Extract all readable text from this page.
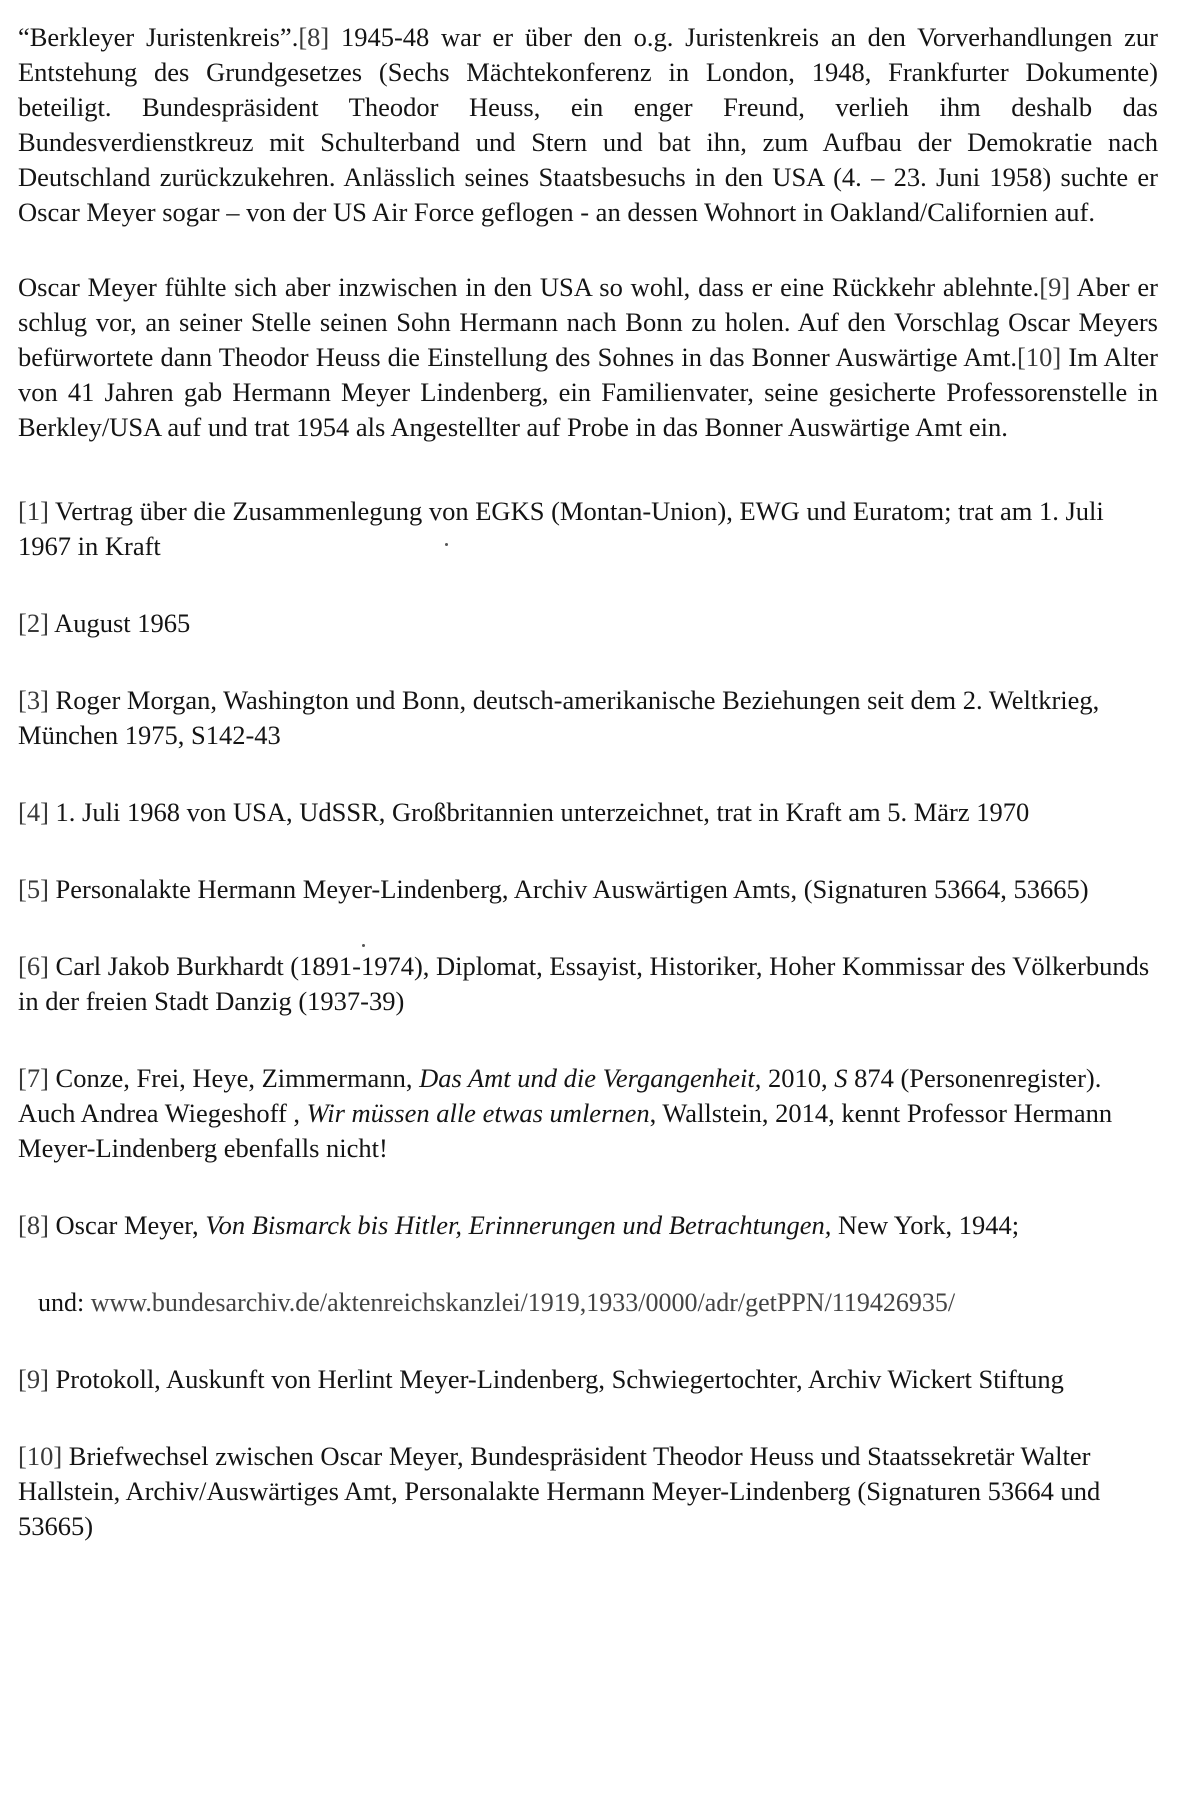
“Berkleyer Juristenkreis”.[8] 1945-48 war er über den o.g. Juristenkreis an den Vorverhandlungen zur Entstehung des Grundgesetzes (Sechs Mächtekonferenz in London, 1948, Frankfurter Dokumente) beteiligt. Bundespräsident Theodor Heuss, ein enger Freund, verlieh ihm deshalb das Bundesverdienstkreuz mit Schulterband und Stern und bat ihn, zum Aufbau der Demokratie nach Deutschland zurückzukehren. Anlässlich seines Staatsbesuchs in den USA (4. – 23. Juni 1958) suchte er Oscar Meyer sogar – von der US Air Force geflogen - an dessen Wohnort in Oakland/Californien auf.

Oscar Meyer fühlte sich aber inzwischen in den USA so wohl, dass er eine Rückkehr ablehnte.[9] Aber er schlug vor, an seiner Stelle seinen Sohn Hermann nach Bonn zu holen. Auf den Vorschlag Oscar Meyers befürwortete dann Theodor Heuss die Einstellung des Sohnes in das Bonner Auswärtige Amt.[10] Im Alter von 41 Jahren gab Hermann Meyer Lindenberg, ein Familienvater, seine gesicherte Professorenstelle in Berkley/USA auf und trat 1954 als Angestellter auf Probe in das Bonner Auswärtige Amt ein.

[1] Vertrag über die Zusammenlegung von EGKS (Montan-Union), EWG und Euratom; trat am 1. Juli 1967 in Kraft

[2] August 1965

[3] Roger Morgan, Washington und Bonn, deutsch-amerikanische Beziehungen seit dem 2. Weltkrieg, München 1975, S142-43

[4] 1. Juli 1968 von USA, UdSSR, Großbritannien unterzeichnet, trat in Kraft am 5. März 1970

[5] Personalakte Hermann Meyer-Lindenberg, Archiv Auswärtigen Amts, (Signaturen 53664, 53665)

[6] Carl Jakob Burkhardt (1891-1974), Diplomat, Essayist, Historiker, Hoher Kommissar des Völkerbunds in der freien Stadt Danzig (1937-39)

[7] Conze, Frei, Heye, Zimmermann, Das Amt und die Vergangenheit, 2010, S 874 (Personenregister). Auch Andrea Wiegeshoff , Wir müssen alle etwas umlernen, Wallstein, 2014, kennt Professor Hermann Meyer-Lindenberg ebenfalls nicht!

[8] Oscar Meyer, Von Bismarck bis Hitler, Erinnerungen und Betrachtungen, New York, 1944;

und: www.bundesarchiv.de/aktenreichskanzlei/1919,1933/0000/adr/getPPN/119426935/

[9] Protokoll, Auskunft von Herlint Meyer-Lindenberg, Schwiegertochter, Archiv Wickert Stiftung

[10] Briefwechsel zwischen Oscar Meyer, Bundespräsident Theodor Heuss und Staatssekretär Walter Hallstein, Archiv/Auswärtiges Amt, Personalakte Hermann Meyer-Lindenberg (Signaturen 53664 und 53665)
